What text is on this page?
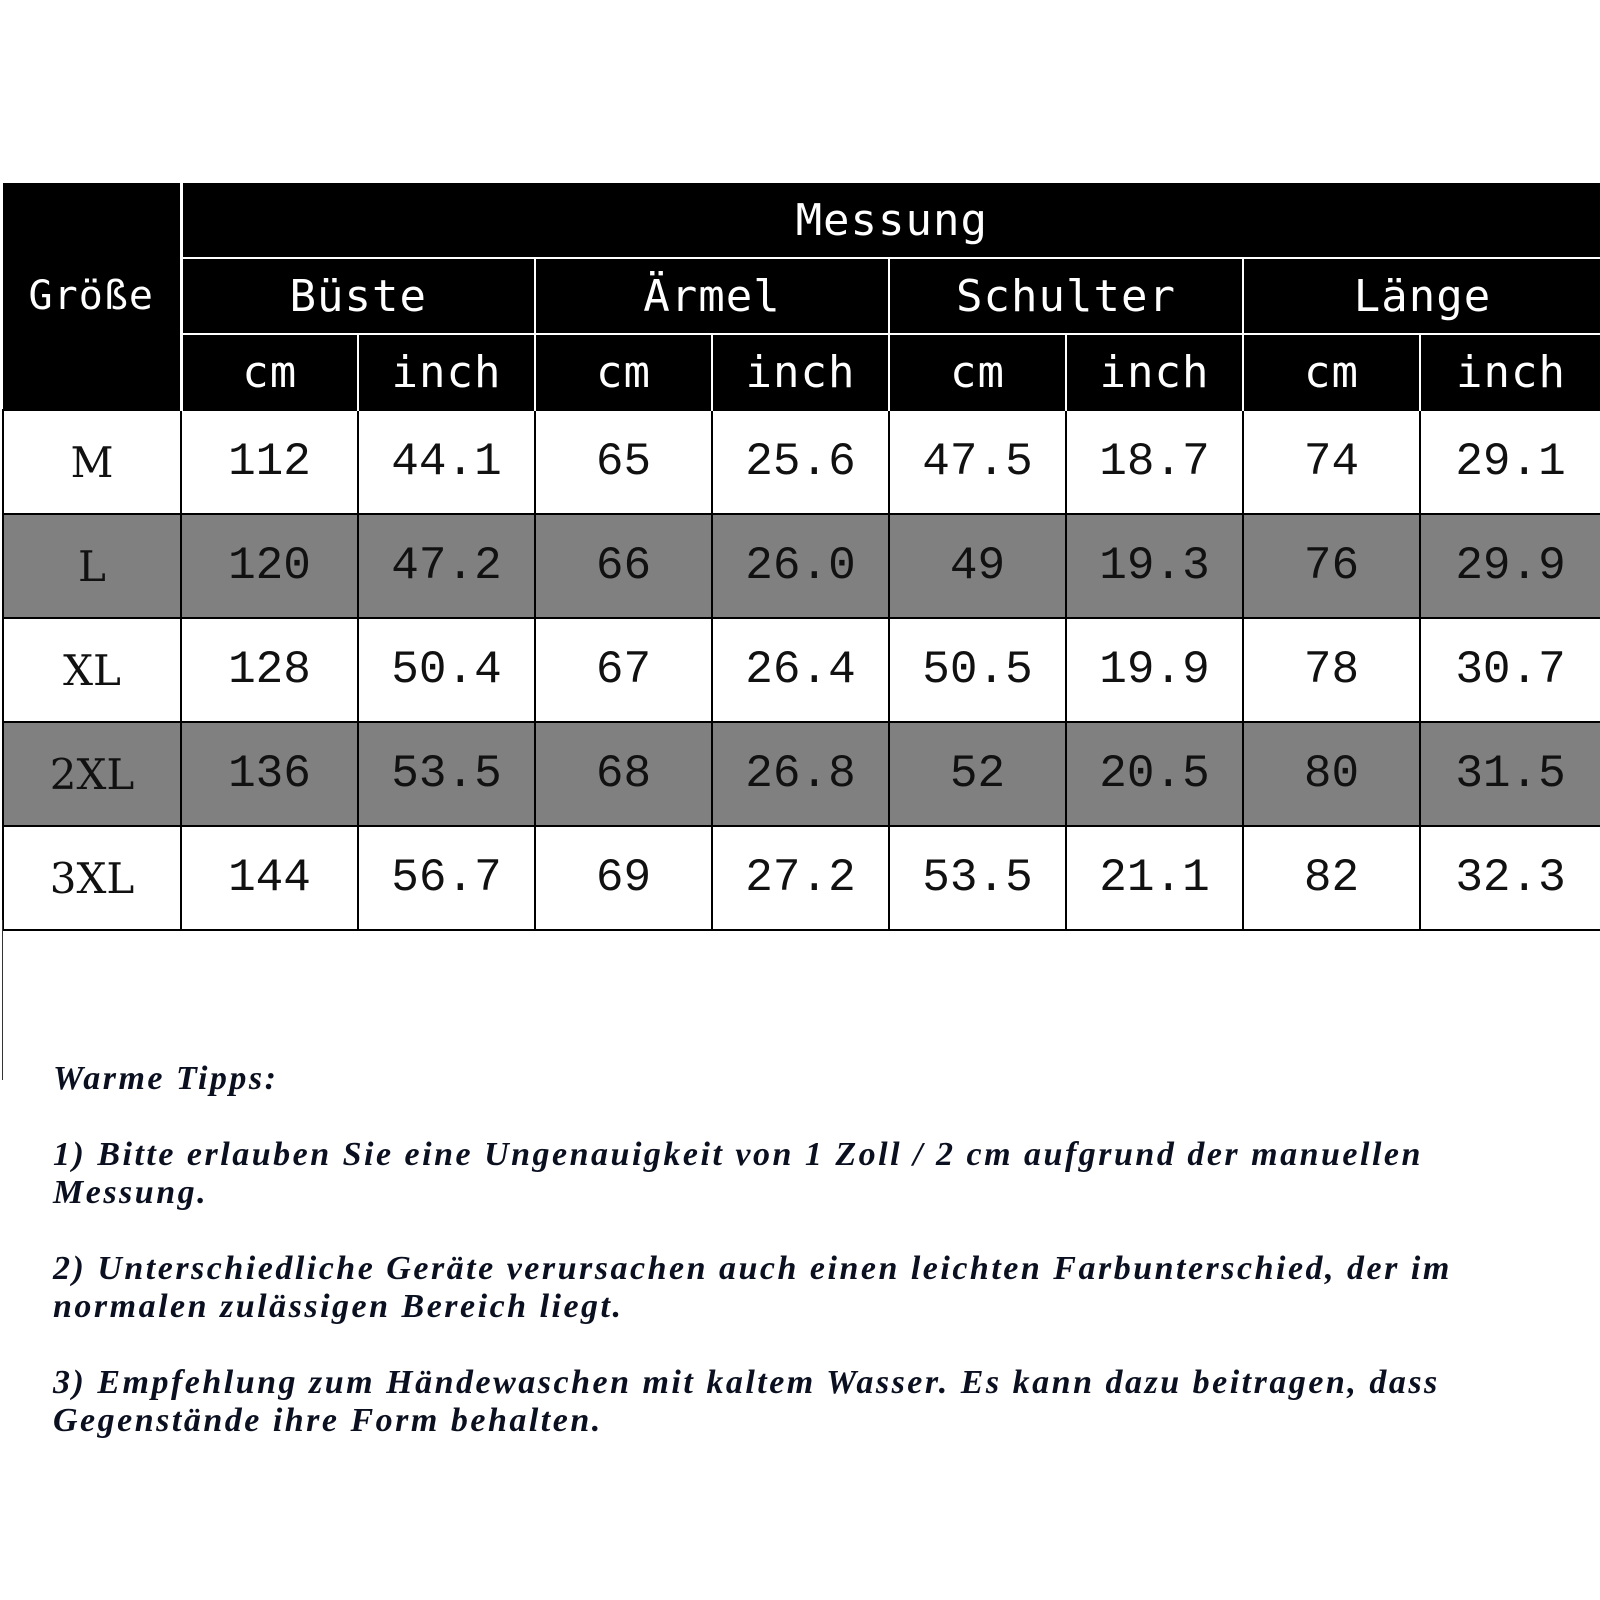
Größe	Messung							
	Büste		Ärmel		Schulter		Länge	
	cm	inch	cm	inch	cm	inch	cm	inch
M	112	44.1	65	25.6	47.5	18.7	74	29.1
L	120	47.2	66	26.0	49	19.3	76	29.9
XL	128	50.4	67	26.4	50.5	19.9	78	30.7
2XL	136	53.5	68	26.8	52	20.5	80	31.5
3XL	144	56.7	69	27.2	53.5	21.1	82	32.3
Warme Tipps:
1) Bitte erlauben Sie eine Ungenauigkeit von 1 Zoll / 2 cm aufgrund der manuellen Messung.
2) Unterschiedliche Geräte verursachen auch einen leichten Farbunterschied, der im normalen zulässigen Bereich liegt.
3) Empfehlung zum Händewaschen mit kaltem Wasser. Es kann dazu beitragen, dass Gegenstände ihre Form behalten.
